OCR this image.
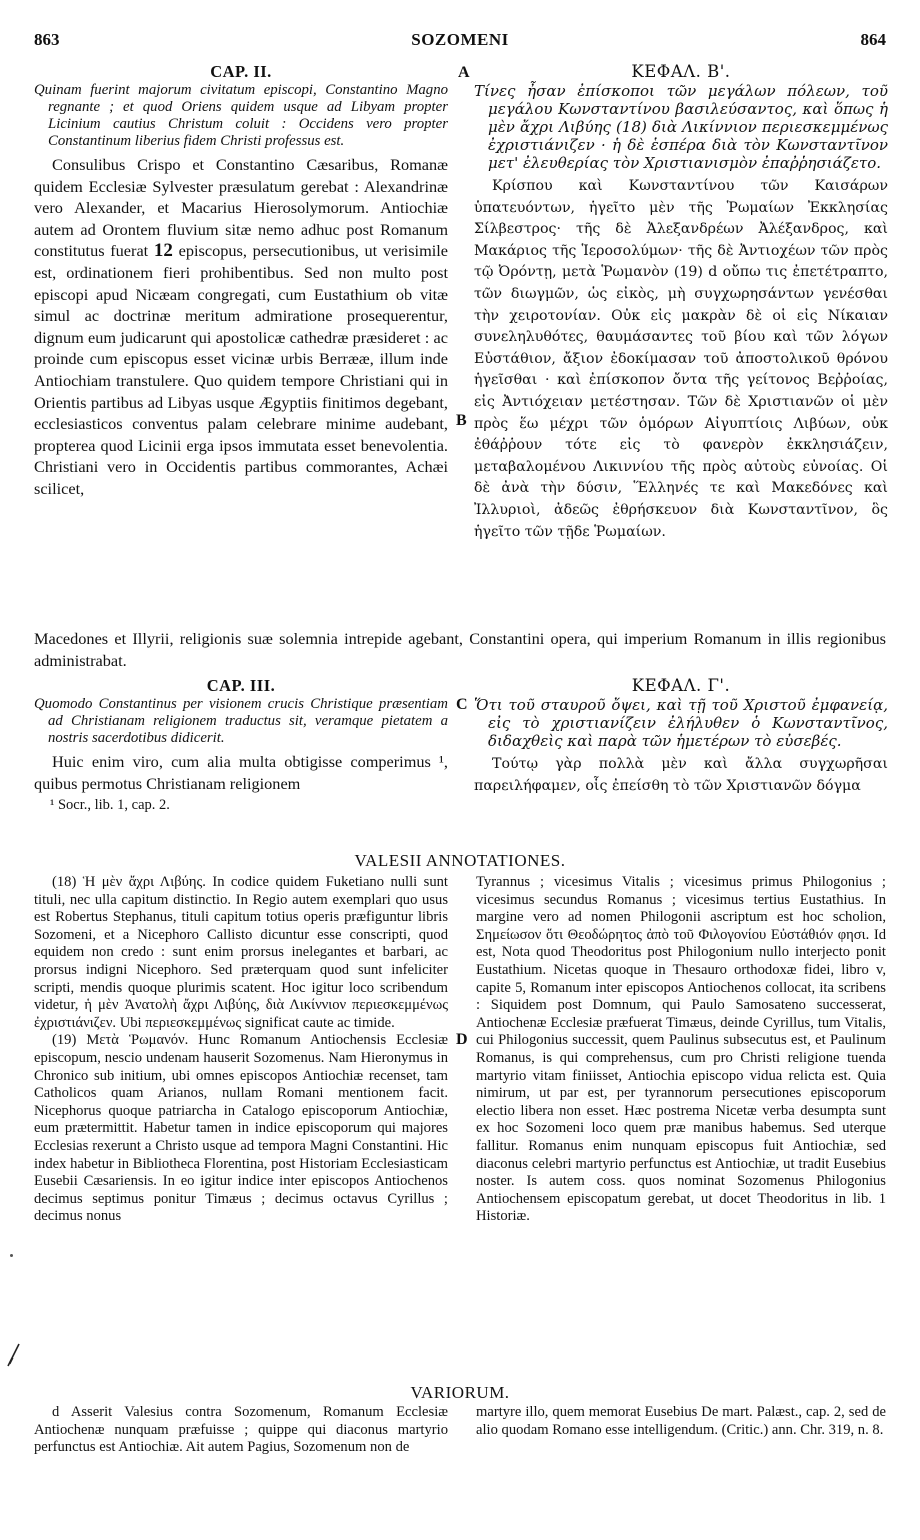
863	SOZOMENI	864
A
B
C
D
CAP. II.

Quinam fuerint majorum civitatum episcopi, Constantino Magno regnante ; et quod Oriens quidem usque ad Libyam propter Licinium cautius Christum coluit : Occidens vero propter Constantinum liberius fidem Christi professus est.

Consulibus Crispo et Constantino Cæsaribus, Romanæ quidem Ecclesiæ Sylvester præsulatum gerebat : Alexandrinæ vero Alexander, et Macarius Hierosolymorum. Antiochiæ autem ad Orontem fluvium sitæ nemo adhuc post Romanum constitutus fuerat 12 episcopus, persecutionibus, ut verisimile est, ordinationem fieri prohibentibus. Sed non multo post episcopi apud Nicæam congregati, cum Eustathium ob vitæ simul ac doctrinæ meritum admiratione prosequerentur, dignum eum judicarunt qui apostolicæ cathedræ præsideret : ac proinde cum episcopus esset vicinæ urbis Berrææ, illum inde Antiochiam transtulere. Quo quidem tempore Christiani qui in Orientis partibus ad Libyas usque Ægyptiis finitimos degebant, ecclesiasticos conventus palam celebrare minime audebant, propterea quod Licinii erga ipsos immutata esset benevolentia. Christiani vero in Occidentis partibus commorantes, Achæi scilicet,

ΚΕΦΑΛ. Β'.

Τίνες ἦσαν ἐπίσκοποι τῶν μεγάλων πόλεων, τοῦ μεγάλου Κωνσταντίνου βασιλεύσαντος, καὶ ὅπως ἡ μὲν ἄχρι Λιβύης (18) διὰ Λικίννιον περιεσκεμμένως ἐχριστιάνιζεν · ἡ δὲ ἑσπέρα διὰ τὸν Κωνσταντῖνον μετ' ἐλευθερίας τὸν Χριστιανισμὸν ἐπαῤῥησιάζετο.

Κρίσπου καὶ Κωνσταντίνου τῶν Καισάρων ὑπατευόντων, ἡγεῖτο μὲν τῆς Ῥωμαίων Ἐκκλησίας Σίλβεστρος· τῆς δὲ Ἀλεξανδρέων Ἀλέξανδρος, καὶ Μακάριος τῆς Ἱεροσολύμων· τῆς δὲ Ἀντιοχέων τῶν πρὸς τῷ Ὀρόντῃ, μετὰ Ῥωμανὸν (19) d οὔπω τις ἐπετέτραπτο, τῶν διωγμῶν, ὡς εἰκὸς, μὴ συγχωρησάντων γενέσθαι τὴν χειροτονίαν. Οὐκ εἰς μακρὰν δὲ οἱ εἰς Νίκαιαν συνεληλυθότες, θαυμάσαντες τοῦ βίου καὶ τῶν λόγων Εὐστάθιον, ἄξιον ἐδοκίμασαν τοῦ ἀποστολικοῦ θρόνου ἡγεῖσθαι · καὶ ἐπίσκοπον ὄντα τῆς γείτονος Βεῤῥοίας, εἰς Ἀντιόχειαν μετέστησαν. Τῶν δὲ Χριστιανῶν οἱ μὲν πρὸς ἕω μέχρι τῶν ὁμόρων Αἰγυπτίοις Λιβύων, οὐκ ἐθάῤῥουν τότε εἰς τὸ φανερὸν ἐκκλησιάζειν, μεταβαλομένου Λικιννίου τῆς πρὸς αὐτοὺς εὐνοίας. Οἱ δὲ ἀνὰ τὴν δύσιν, Ἕλληνές τε καὶ Μακεδόνες καὶ Ἰλλυριοὶ, ἀδεῶς ἐθρήσκευον διὰ Κωνσταντῖνον, ὃς ἡγεῖτο τῶν τῇδε Ῥωμαίων.

Macedones et Illyrii, religionis suæ solemnia intrepide agebant, Constantini opera, qui imperium Romanum in illis regionibus administrabat.

CAP. III.

Quomodo Constantinus per visionem crucis Christique præsentiam ad Christianam religionem traductus sit, veramque pietatem a nostris sacerdotibus didicerit.

Huic enim viro, cum alia multa obtigisse comperimus ¹, quibus permotus Christianam religionem

¹ Socr., lib. 1, cap. 2.

ΚΕΦΑΛ. Γ'.

Ὅτι τοῦ σταυροῦ ὄψει, καὶ τῇ τοῦ Χριστοῦ ἐμφανείᾳ, εἰς τὸ χριστιανίζειν ἐλήλυθεν ὁ Κωνσταντῖνος, διδαχθεὶς καὶ παρὰ τῶν ἡμετέρων τὸ εὐσεβές.

Τούτῳ γὰρ πολλὰ μὲν καὶ ἄλλα συγχωρῆσαι παρειλήφαμεν, οἷς ἐπείσθη τὸ τῶν Χριστιανῶν δόγμα

VALESII ANNOTATIONES.

(18) Ἡ μὲν ἄχρι Λιβύης. In codice quidem Fuketiano nulli sunt tituli, nec ulla capitum distinctio. In Regio autem exemplari quo usus est Robertus Stephanus, tituli capitum totius operis præfiguntur libris Sozomeni, et a Nicephoro Callisto dicuntur esse conscripti, quod equidem non credo : sunt enim prorsus inelegantes et barbari, ac prorsus indigni Nicephoro. Sed præterquam quod sunt infeliciter scripti, mendis quoque plurimis scatent. Hoc igitur loco scribendum videtur, ἡ μὲν Ἀνατολὴ ἄχρι Λιβύης, διὰ Λικίννιον περιεσκεμμένως ἐχριστιάνιζεν. Ubi περιεσκεμμένως significat caute ac timide.

(19) Μετὰ Ῥωμανόν. Hunc Romanum Antiochensis Ecclesiæ episcopum, nescio undenam hauserit Sozomenus. Nam Hieronymus in Chronico sub initium, ubi omnes episcopos Antiochiæ recenset, tam Catholicos quam Arianos, nullam Romani mentionem facit. Nicephorus quoque patriarcha in Catalogo episcoporum Antiochiæ, eum prætermittit. Habetur tamen in indice episcoporum qui majores Ecclesias rexerunt a Christo usque ad tempora Magni Constantini. Hic index habetur in Bibliotheca Florentina, post Historiam Ecclesiasticam Eusebii Cæsariensis. In eo igitur indice inter episcopos Antiochenos decimus septimus ponitur Timæus ; decimus octavus Cyrillus ; decimus nonus

Tyrannus ; vicesimus Vitalis ; vicesimus primus Philogonius ; vicesimus secundus Romanus ; vicesimus tertius Eustathius. In margine vero ad nomen Philogonii ascriptum est hoc scholion, Σημείωσον ὅτι Θεοδώρητος ἀπὸ τοῦ Φιλογονίου Εὐστάθιόν φησι. Id est, Nota quod Theodoritus post Philogonium nullo interjecto ponit Eustathium. Nicetas quoque in Thesauro orthodoxæ fidei, libro v, capite 5, Romanum inter episcopos Antiochenos collocat, ita scribens : Siquidem post Domnum, qui Paulo Samosateno successerat, Antiochenæ Ecclesiæ præfuerat Timæus, deinde Cyrillus, tum Vitalis, cui Philogonius successit, quem Paulinus subsecutus est, et Paulinum Romanus, is qui comprehensus, cum pro Christi religione tuenda martyrio vitam finiisset, Antiochia episcopo vidua relicta est. Quia nimirum, ut par est, per tyrannorum persecutiones episcoporum electio libera non esset. Hæc postrema Nicetæ verba desumpta sunt ex hoc Sozomeni loco quem præ manibus habemus. Sed uterque fallitur. Romanus enim nunquam episcopus fuit Antiochiæ, sed diaconus celebri martyrio perfunctus est Antiochiæ, ut tradit Eusebius noster. Is autem coss. quos nominat Sozomenus Philogonius Antiochensem episcopatum gerebat, ut docet Theodoritus in lib. 1 Historiæ.

VARIORUM.

d Asserit Valesius contra Sozomenum, Romanum Ecclesiæ Antiochenæ nunquam præfuisse ; quippe qui diaconus martyrio perfunctus est Antiochiæ. Ait autem Pagius, Sozomenum non de

martyre illo, quem memorat Eusebius De mart. Palæst., cap. 2, sed de alio quodam Romano esse intelligendum. (Critic.) ann. Chr. 319, n. 8.
